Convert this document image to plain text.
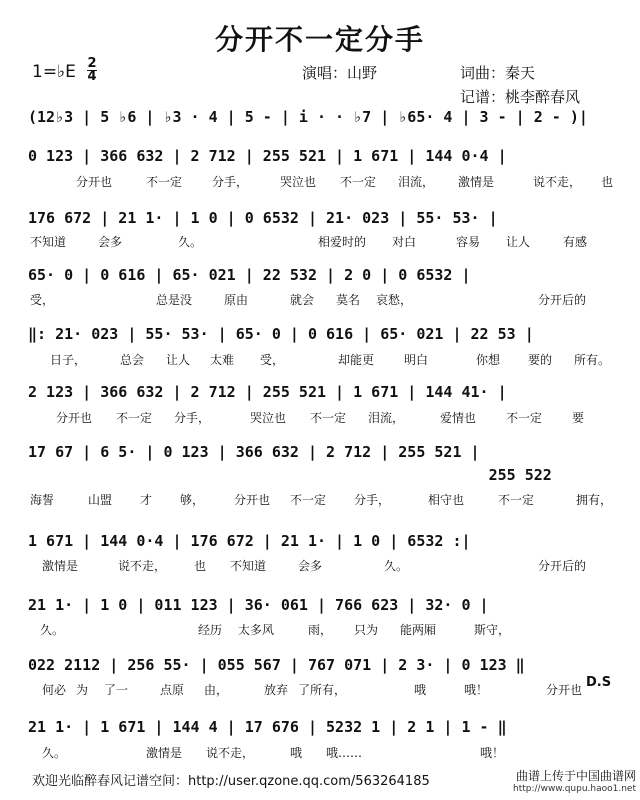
分开不一定分手
1=♭E 2
4	演唱：山野	词曲：秦天
记谱：桃李醉春风
(12♭3 | 5 ♭6 | ♭3 · 4 | 5 - | i · · ♭7 | ♭65· 4 | 3 - | 2 - )|
0 123 | 366 632 | 2 712 | 255 521 | 1 671 | 144 0·4 |
分开也	不一定 分手，	哭泣也 不一定 泪流， 激情是	说不走， 也
176 672 | 21 1· | 1 0 | 0 6532 | 21· 023 | 55· 53· |
不知道	会多	久。	相爱时的 对白	容易 让人	有感
65· 0 | 0 616 | 65· 021 | 22 532 | 2 0 | 0 6532 |
受，	总是没	原由	就会 莫名 哀愁，	分开后的
‖: 21· 023 | 55· 53· | 65· 0 | 0 616 | 65· 021 | 22 53 |
日子，	总会 让人 太难 受，	却能更 明白	你想 要的 所有。
2 123 | 366 632 | 2 712 | 255 521 | 1 671 | 144 41· |
分开也 不一定 分手，	哭泣也 不一定 泪流，	爱情也 不一定 要
17 67 | 6 5· | 0 123 | 366 632 | 2 712 | 255 521 |
255 522
海誓	山盟 才 够， 分开也 不一定 分手，	相守也	不一定	拥有，
1 671 | 144 0·4 | 176 672 | 21 1· | 1 0 | 6532 :|
激情是	说不走， 也 不知道	会多	久。	分开后的
21 1· | 1 0 | 011 123 | 36· 061 | 766 623 | 32· 0 |
久。	经历 太多风	雨， 只为 能两厢	斯守，
022 2112 | 256 55· | 055 567 | 767 071 | 2 3· | 0 123 ‖
何必 为 了一	点原 由，	放弃 了所有，	哦	哦！	分开也
21 1· | 1 671 | 144 4 | 17 676 | 5232 1 | 2 1 | 1 - ‖
久。	激情是 说不走，	哦 哦……	哦！
D.S
欢迎光临醉春风记谱空间：http://user.qzone.qq.com/563264185	曲谱上传于中国曲谱网
http://www.qupu.haoo1.net
